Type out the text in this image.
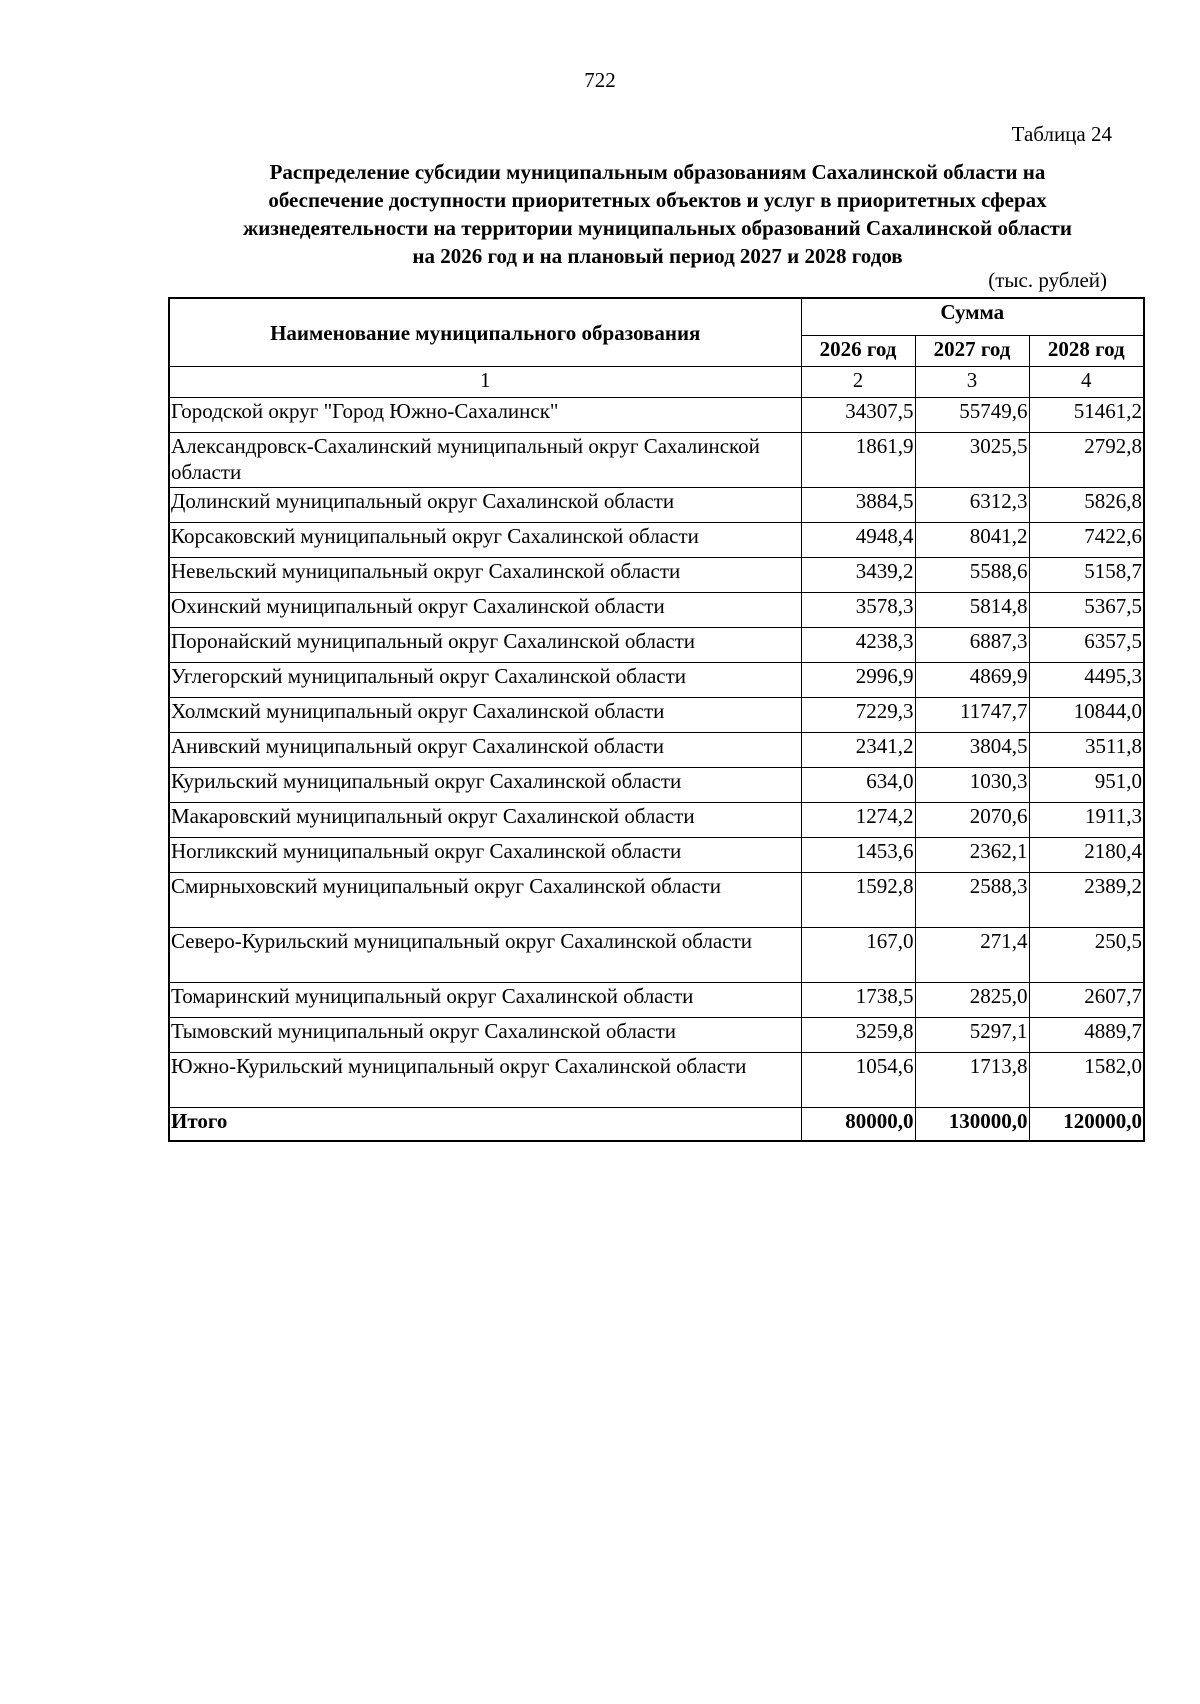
722
Таблица 24
Распределение субсидии муниципальным образованиям Сахалинской области на
обеспечение доступности приоритетных объектов и услуг в приоритетных сферах
жизнедеятельности на территории муниципальных образований Сахалинской области
на 2026 год и на плановый период 2027 и 2028 годов
(тыс. рублей)
Наименование муниципального образования	Сумма		
	2026 год	2027 год	2028 год
1	2	3	4
Городской округ "Город Южно-Сахалинск"	34307,5	55749,6	51461,2
Александровск-Сахалинский муниципальный округ Сахалинской области	1861,9	3025,5	2792,8
Долинский муниципальный округ Сахалинской области	3884,5	6312,3	5826,8
Корсаковский муниципальный округ Сахалинской области	4948,4	8041,2	7422,6
Невельский муниципальный округ Сахалинской области	3439,2	5588,6	5158,7
Охинский муниципальный округ Сахалинской области	3578,3	5814,8	5367,5
Поронайский муниципальный округ Сахалинской области	4238,3	6887,3	6357,5
Углегорский муниципальный округ Сахалинской области	2996,9	4869,9	4495,3
Холмский муниципальный округ Сахалинской области	7229,3	11747,7	10844,0
Анивский муниципальный округ Сахалинской области	2341,2	3804,5	3511,8
Курильский муниципальный округ Сахалинской области	634,0	1030,3	951,0
Макаровский муниципальный округ Сахалинской области	1274,2	2070,6	1911,3
Ногликский муниципальный округ Сахалинской области	1453,6	2362,1	2180,4
Смирныховский муниципальный округ Сахалинской области	1592,8	2588,3	2389,2
Северо-Курильский муниципальный округ Сахалинской области	167,0	271,4	250,5
Томаринский муниципальный округ Сахалинской области	1738,5	2825,0	2607,7
Тымовский муниципальный округ Сахалинской области	3259,8	5297,1	4889,7
Южно-Курильский муниципальный округ Сахалинской области	1054,6	1713,8	1582,0
Итого	80000,0	130000,0	120000,0
